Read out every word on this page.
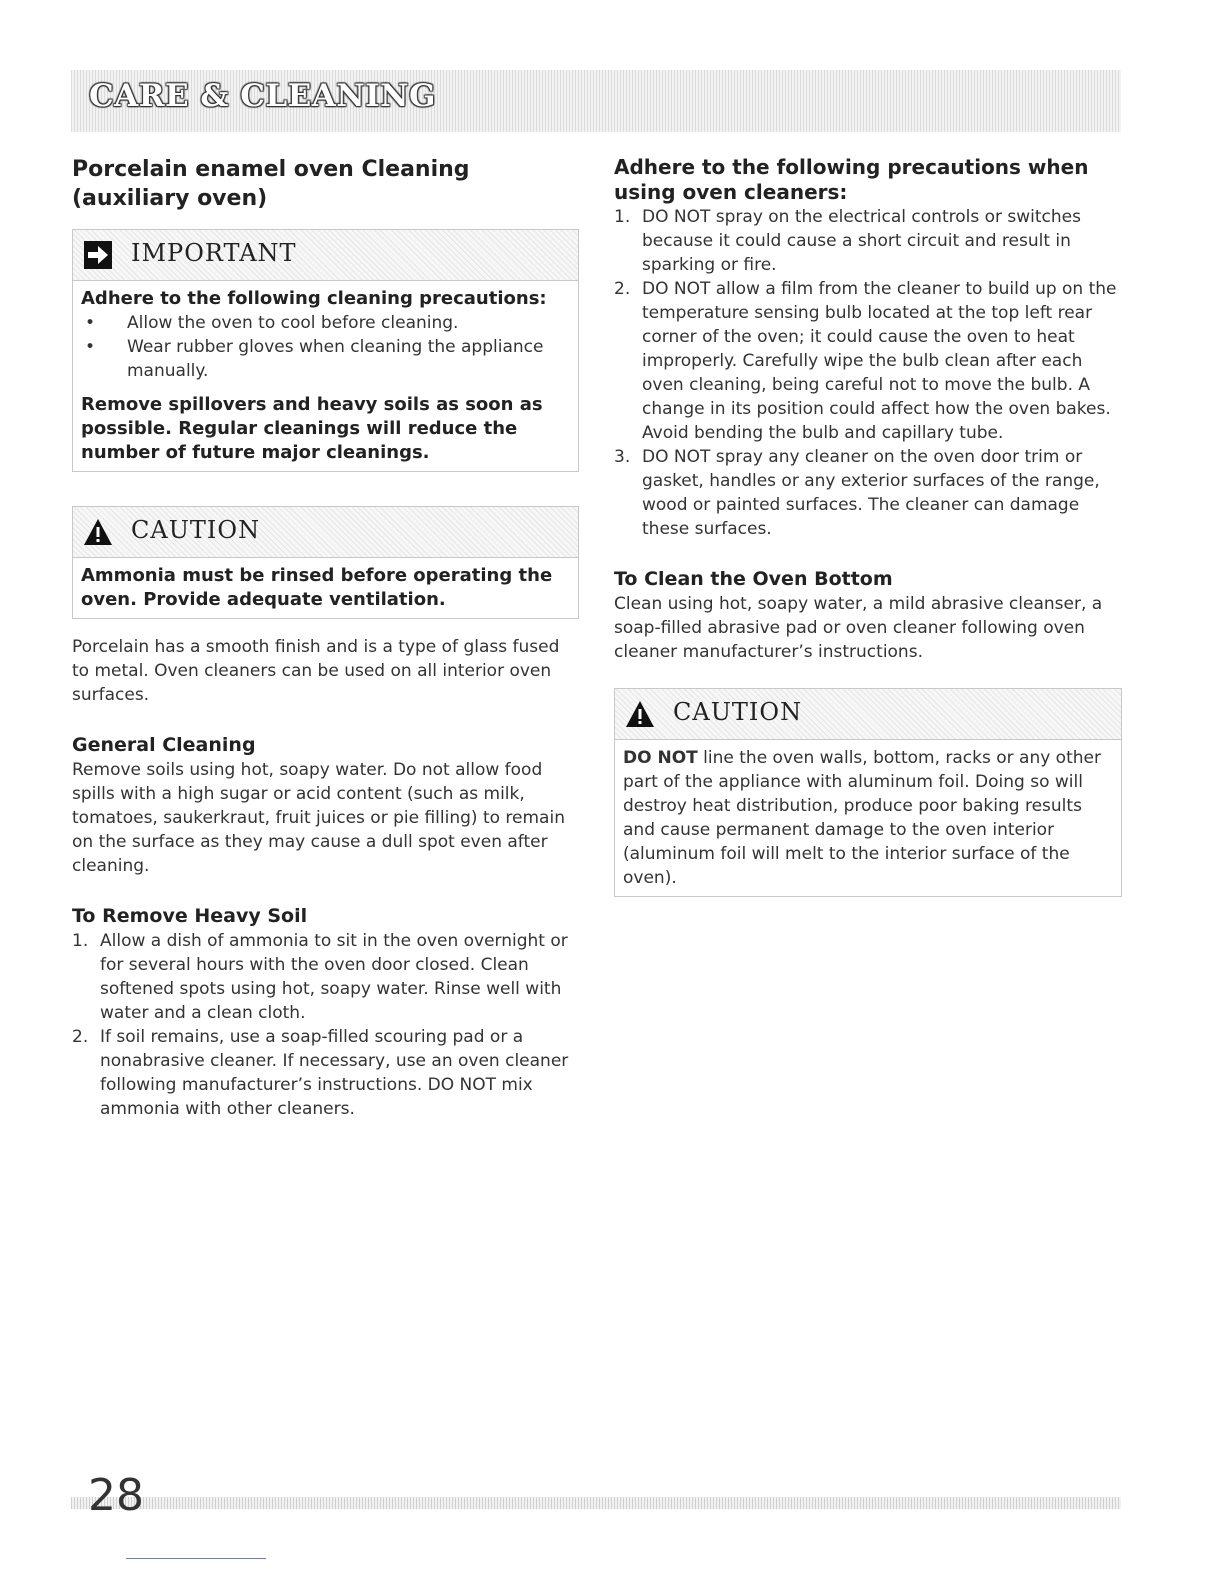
CARE & CLEANING
Porcelain enamel oven Cleaning (auxiliary oven)
IMPORTANT

Adhere to the following cleaning precautions:

• Allow the oven to cool before cleaning.
• Wear rubber gloves when cleaning the appliance manually.

Remove spillovers and heavy soils as soon as possible. Regular cleanings will reduce the number of future major cleanings.

CAUTION

Ammonia must be rinsed before operating the oven. Provide adequate ventilation.

Porcelain has a smooth finish and is a type of glass fused to metal. Oven cleaners can be used on all interior oven surfaces.

General Cleaning

Remove soils using hot, soapy water. Do not allow food spills with a high sugar or acid content (such as milk, tomatoes, saukerkraut, fruit juices or pie filling) to remain on the surface as they may cause a dull spot even after cleaning.

To Remove Heavy Soil
1. Allow a dish of ammonia to sit in the oven overnight or for several hours with the oven door closed. Clean softened spots using hot, soapy water. Rinse well with water and a clean cloth.
2. If soil remains, use a soap-filled scouring pad or a nonabrasive cleaner. If necessary, use an oven cleaner following manufacturer’s instructions. DO NOT mix ammonia with other cleaners.
Adhere to the following precautions when using oven cleaners:
1. DO NOT spray on the electrical controls or switches because it could cause a short circuit and result in sparking or fire.
2. DO NOT allow a film from the cleaner to build up on the temperature sensing bulb located at the top left rear corner of the oven; it could cause the oven to heat improperly. Carefully wipe the bulb clean after each oven cleaning, being careful not to move the bulb. A change in its position could affect how the oven bakes. Avoid bending the bulb and capillary tube.
3. DO NOT spray any cleaner on the oven door trim or gasket, handles or any exterior surfaces of the range, wood or painted surfaces. The cleaner can damage these surfaces.
To Clean the Oven Bottom

Clean using hot, soapy water, a mild abrasive cleanser, a soap-filled abrasive pad or oven cleaner following oven cleaner manufacturer’s instructions.

CAUTION

DO NOT line the oven walls, bottom, racks or any other part of the appliance with aluminum foil. Doing so will destroy heat distribution, produce poor baking results and cause permanent damage to the oven interior (aluminum foil will melt to the interior surface of the oven).

28
